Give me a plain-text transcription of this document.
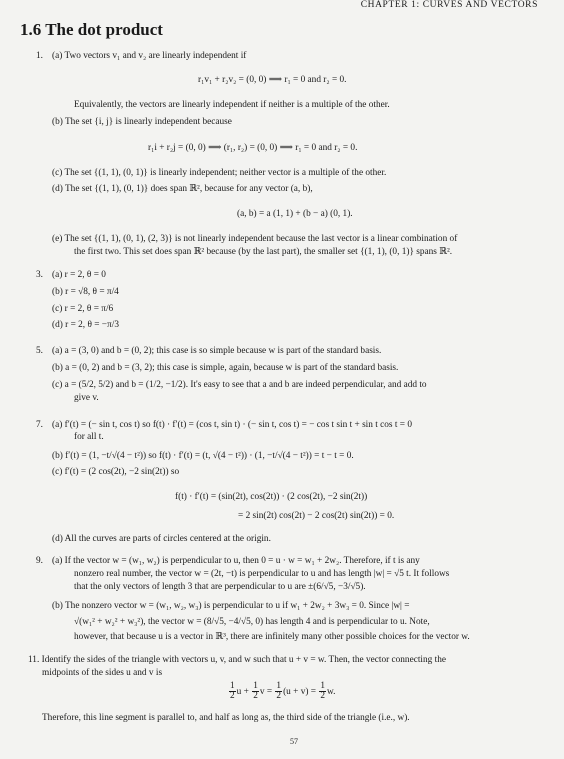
CHAPTER 1: CURVES AND VECTORS
1.6 The dot product
1. (a) Two vectors v₁ and v₂ are linearly independent if
r₁v₁ + r₂v₂ = (0, 0) ⟹ r₁ = 0 and r₂ = 0.
Equivalently, the vectors are linearly independent if neither is a multiple of the other.
(b) The set {i, j} is linearly independent because
r₁i + r₂j = (0, 0) ⟹ (r₁, r₂) = (0, 0) ⟹ r₁ = 0 and r₂ = 0.
(c) The set {(1, 1), (0, 1)} is linearly independent; neither vector is a multiple of the other.
(d) The set {(1, 1), (0, 1)} does span ℝ², because for any vector (a, b),
(a, b) = a (1, 1) + (b − a) (0, 1).
(e) The set {(1, 1), (0, 1), (2, 3)} is not linearly independent because the last vector is a linear combination of
the first two. This set does span ℝ² because (by the last part), the smaller set {(1, 1), (0, 1)} spans ℝ².
3. (a) r = 2, θ = 0
(b) r = √8, θ = π/4
(c) r = 2, θ = π/6
(d) r = 2, θ = −π/3
5. (a) a = (3, 0) and b = (0, 2); this case is so simple because w is part of the standard basis.
(b) a = (0, 2) and b = (3, 2); this case is simple, again, because w is part of the standard basis.
(c) a = (5/2, 5/2) and b = (1/2, −1/2). It's easy to see that a and b are indeed perpendicular, and add to
give v.
7. (a) f′(t) = (− sin t, cos t) so f(t) · f′(t) = (cos t, sin t) · (− sin t, cos t) = − cos t sin t + sin t cos t = 0
for all t.
(b) f′(t) = (1, −t/√(4 − t²)) so f(t) · f′(t) = (t, √(4 − t²)) · (1, −t/√(4 − t²)) = t − t = 0.
(c) f′(t) = (2 cos(2t), −2 sin(2t)) so
f(t) · f′(t) = (sin(2t), cos(2t)) · (2 cos(2t), −2 sin(2t))
= 2 sin(2t) cos(2t) − 2 cos(2t) sin(2t)) = 0.
(d) All the curves are parts of circles centered at the origin.
9. (a) If the vector w = (w₁, w₂) is perpendicular to u, then 0 = u · w = w₁ + 2w₂. Therefore, if t is any
nonzero real number, the vector w = (2t, −t) is perpendicular to u and has length |w| = √5 t. It follows
that the only vectors of length 3 that are perpendicular to u are ±(6/√5, −3/√5).
(b) The nonzero vector w = (w₁, w₂, w₃) is perpendicular to u if w₁ + 2w₂ + 3w₃ = 0. Since |w| =
√(w₁² + w₂² + w₃²), the vector w = (8/√5, −4/√5, 0) has length 4 and is perpendicular to u. Note,
however, that because u is a vector in ℝ³, there are infinitely many other possible choices for the vector w.
11. Identify the sides of the triangle with vectors u, v, and w such that u + v = w. Then, the vector connecting the
midpoints of the sides u and v is
$\frac{1}{2}$ $u + \frac{1}{2}$ $v = \frac{1}{2} (u + v) = \frac{1}{2} w$.
Therefore, this line segment is parallel to, and half as long as, the third side of the triangle (i.e., w).
57
